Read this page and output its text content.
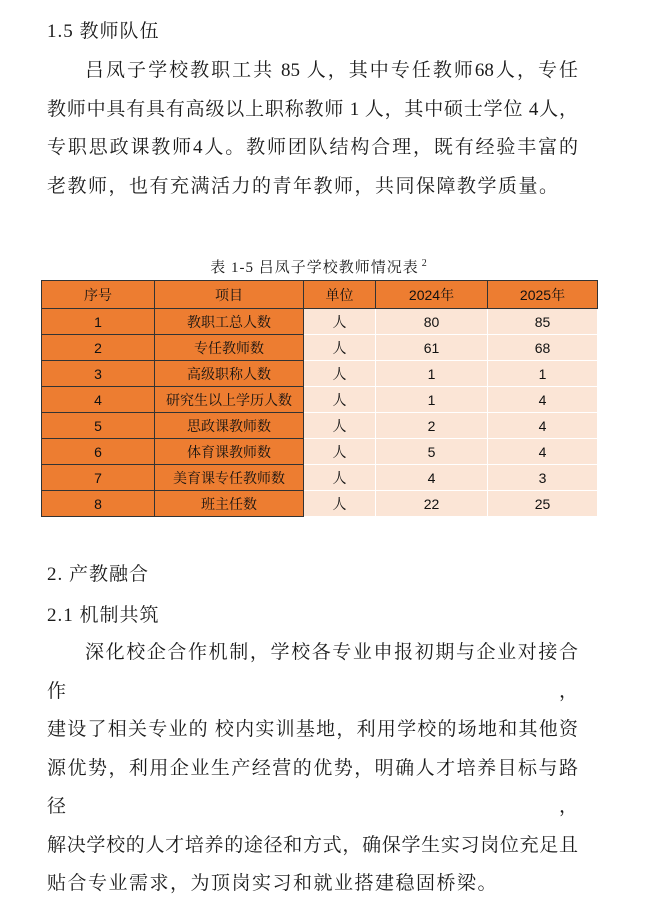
1.5 教师队伍
吕凤子学校教职工共 85 人，其中专任教师68人，专任
教师中具有具有高级以上职称教师 1 人，其中硕士学位 4人，
专职思政课教师4人。教师团队结构合理，既有经验丰富的
老教师，也有充满活力的青年教师，共同保障教学质量。
表 1-5 吕凤子学校教师情况表 $^2$
序号	项目	单位	2024年	2025年
1	教职工总人数	人	80	85
2	专任教师数	人	61	68
3	高级职称人数	人	1	1
4	研究生以上学历人数	人	1	4
5	思政课教师数	人	2	4
6	体育课教师数	人	5	4
7	美育课专任教师数	人	4	3
8	班主任数	人	22	25
2. 产教融合
2.1 机制共筑
深化校企合作机制，学校各专业申报初期与企业对接合作，
建设了相关专业的 校内实训基地，利用学校的场地和其他资
源优势，利用企业生产经营的优势，明确人才培养目标与路径，
解决学校的人才培养的途径和方式，确保学生实习岗位充足且
贴合专业需求，为顶岗实习和就业搭建稳固桥梁。
